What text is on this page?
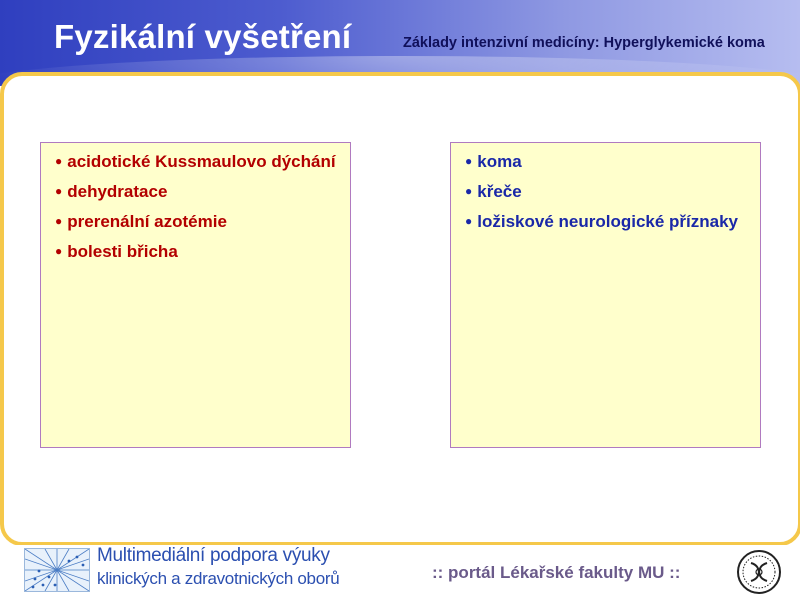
Fyzikální vyšetření	Základy intenzivní medicíny: Hyperglykemické koma
● acidotické Kussmaulovo dýchání
● dehydratace
● prerenální azotémie
● bolesti břicha
● koma
● křeče
● ložiskové neurologické příznaky
Multimediální podpora výuky
klinických a zdravotnických oborů	:: portál Lékařské fakulty MU ::
